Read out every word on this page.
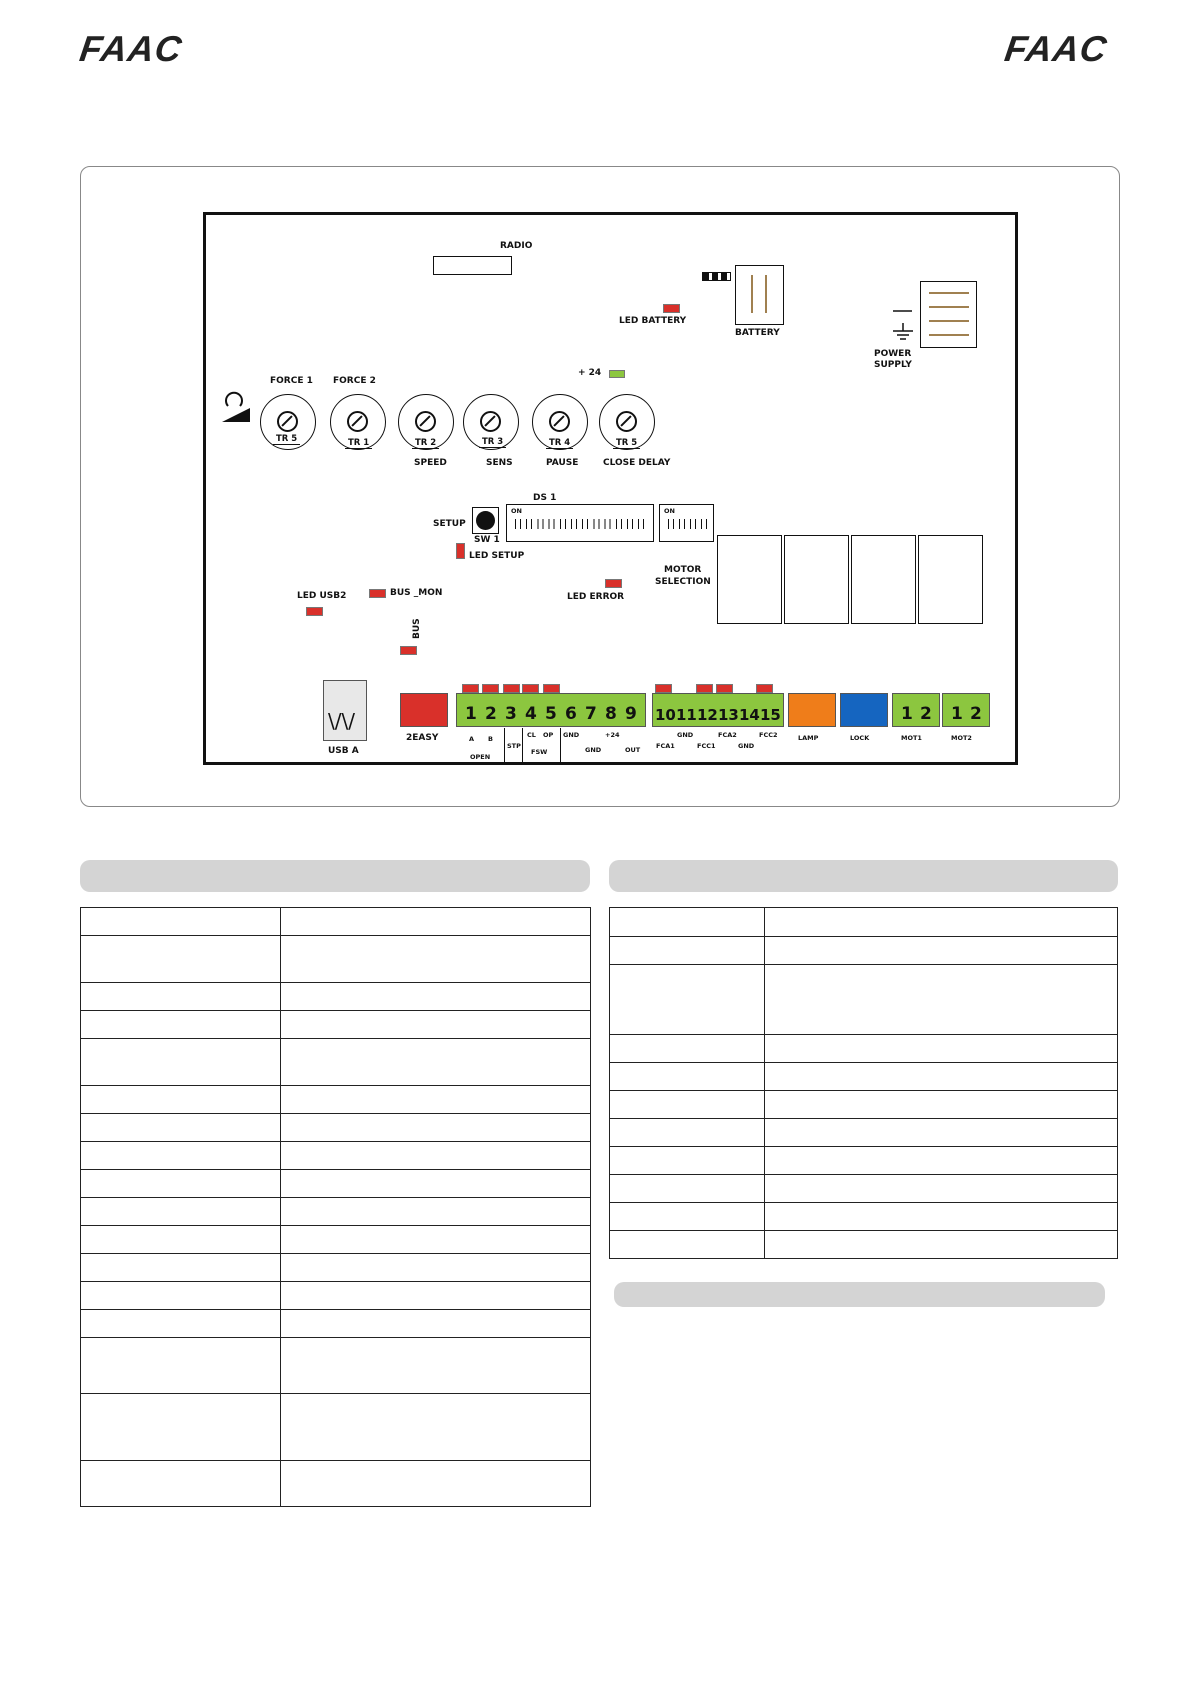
FAAC	FAAC
RADIO
LED BATTERY
BATTERY
POWER
SUPPLY
+ 24
FORCE 1 FORCE 2
TR 5	TR 1	TR 2	TR 3	TR 4	TR 5
SPEED	SENS	PAUSE	CLOSE DELAY
DS 1
ON	ON
SETUP
SW 1
LED SETUP
MOTOR
SELECTION
LED USB2	BUS _MON	LED ERROR
BUS
\/\/
USB A
2EASY
1 2 3 4 5 6 7 8 9 10 11 12 13 14 15	1 2 1 2
LAMP	LOCK	MOT1	MOT2
A B
OPEN
STP
CL OP
FSW
GND	+24
GND	OUT
GND	FCA2	FCC2
FCA1	FCC1	GND
